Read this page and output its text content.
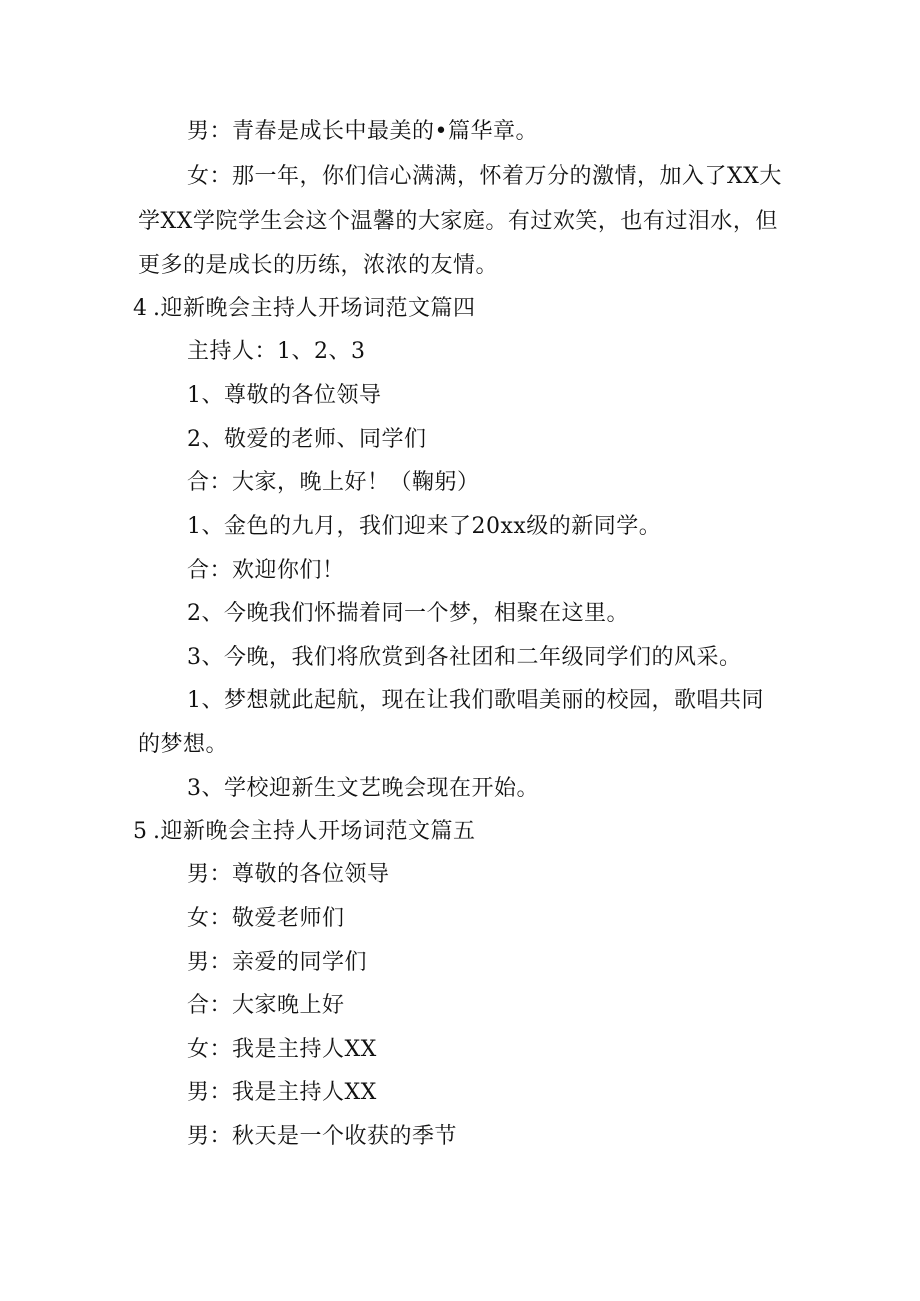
男：青春是成长中最美的•篇华章。
女：那一年，你们信心满满，怀着万分的激情，加入了XX大
学XX学院学生会这个温馨的大家庭。有过欢笑，也有过泪水，但
更多的是成长的历练，浓浓的友情。
4 .迎新晚会主持人开场词范文篇四
主持人：1、2、3
1、尊敬的各位领导
2、敬爱的老师、同学们
合：大家，晚上好！（鞠躬）
1、金色的九月，我们迎来了20xx级的新同学。
合：欢迎你们！
2、今晚我们怀揣着同一个梦，相聚在这里。
3、今晚，我们将欣赏到各社团和二年级同学们的风采。
1、梦想就此起航，现在让我们歌唱美丽的校园，歌唱共同
的梦想。
3、学校迎新生文艺晚会现在开始。
5 .迎新晚会主持人开场词范文篇五
男：尊敬的各位领导
女：敬爱老师们
男：亲爱的同学们
合：大家晚上好
女：我是主持人XX
男：我是主持人XX
男：秋天是一个收获的季节
